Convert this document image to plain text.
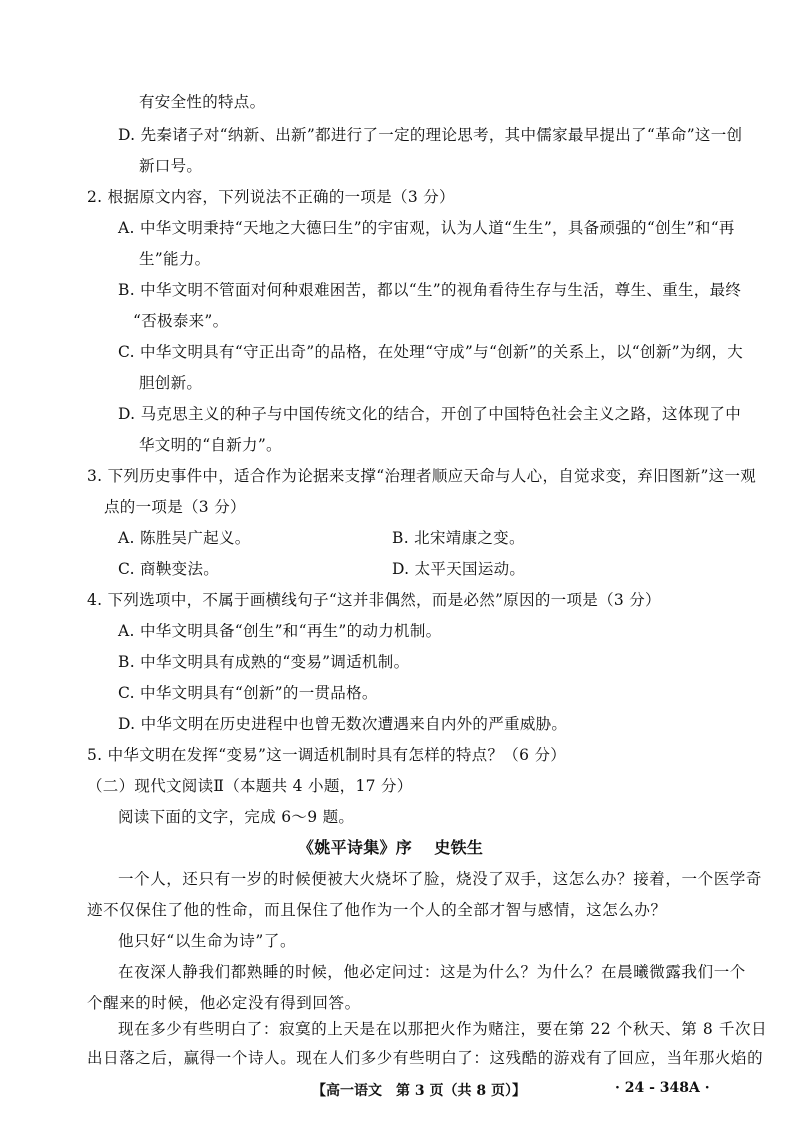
有安全性的特点。
D. 先秦诸子对“纳新、出新”都进行了一定的理论思考，其中儒家最早提出了“革命”这一创
新口号。
2. 根据原文内容，下列说法不正确的一项是（3 分）
A. 中华文明秉持“天地之大德曰生”的宇宙观，认为人道“生生”，具备顽强的“创生”和“再
生”能力。
B. 中华文明不管面对何种艰难困苦，都以“生”的视角看待生存与生活，尊生、重生，最终
“否极泰来”。
C. 中华文明具有“守正出奇”的品格，在处理“守成”与“创新”的关系上，以“创新”为纲，大
胆创新。
D. 马克思主义的种子与中国传统文化的结合，开创了中国特色社会主义之路，这体现了中
华文明的“自新力”。
3. 下列历史事件中，适合作为论据来支撑“治理者顺应天命与人心，自觉求变，弃旧图新”这一观
点的一项是（3 分）
A. 陈胜吴广起义。	B. 北宋靖康之变。
C. 商鞅变法。	D. 太平天国运动。
4. 下列选项中，不属于画横线句子“这并非偶然，而是必然”原因的一项是（3 分）
A. 中华文明具备“创生”和“再生”的动力机制。
B. 中华文明具有成熟的“变易”调适机制。
C. 中华文明具有“创新”的一贯品格。
D. 中华文明在历史进程中也曾无数次遭遇来自内外的严重威胁。
5. 中华文明在发挥“变易”这一调适机制时具有怎样的特点？（6 分）
（二）现代文阅读Ⅱ（本题共 4 小题，17 分）
阅读下面的文字，完成 6～9 题。
《姚平诗集》序　 史铁生
一个人，还只有一岁的时候便被大火烧坏了脸，烧没了双手，这怎么办？接着，一个医学奇
迹不仅保住了他的性命，而且保住了他作为一个人的全部才智与感情，这怎么办？
他只好“以生命为诗”了。
在夜深人静我们都熟睡的时候，他必定问过：这是为什么？为什么？在晨曦微露我们一个
个醒来的时候，他必定没有得到回答。
现在多少有些明白了：寂寞的上天是在以那把火作为赌注，要在第 22 个秋天、第 8 千次日
出日落之后，赢得一个诗人。现在人们多少有些明白了：这残酷的游戏有了回应，当年那火焰的
【高一语文　第 3 页（共 8 页）】	· 24 - 348A ·
